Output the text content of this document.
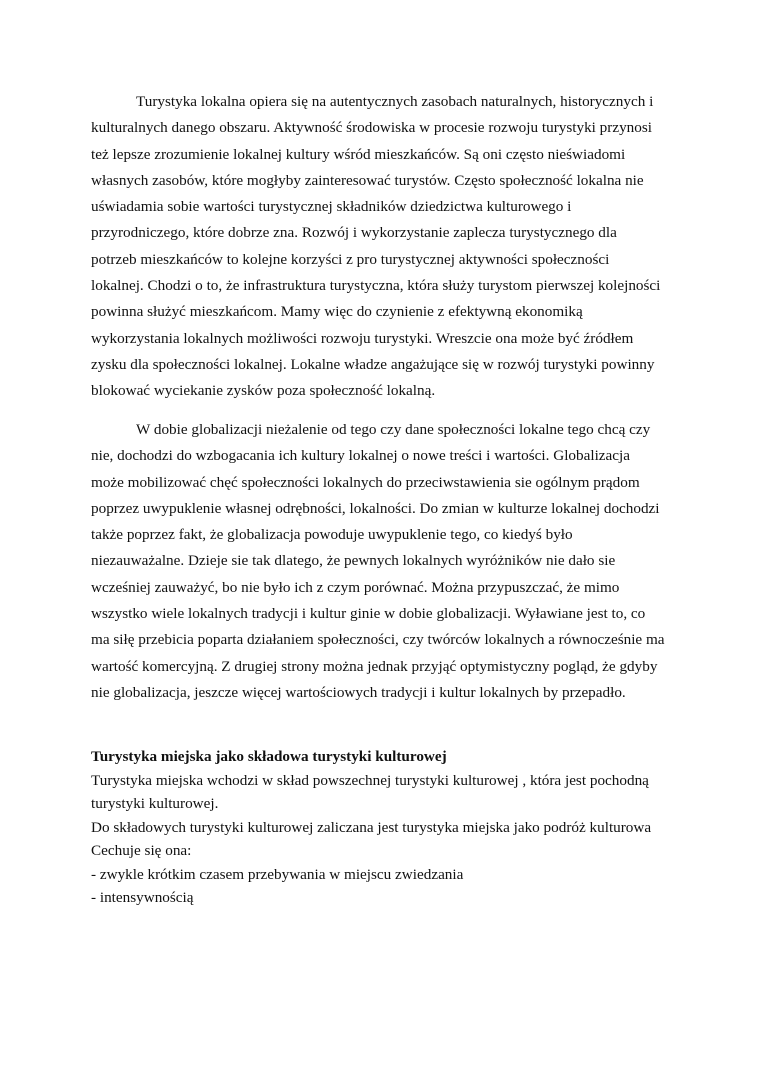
Turystyka lokalna opiera się na autentycznych zasobach naturalnych, historycznych i
kulturalnych danego obszaru. Aktywność środowiska w procesie rozwoju turystyki przynosi
też lepsze zrozumienie lokalnej kultury wśród mieszkańców. Są oni często nieświadomi
własnych zasobów, które mogłyby zainteresować turystów. Często społeczność lokalna nie
uświadamia sobie wartości turystycznej składników dziedzictwa kulturowego i
przyrodniczego, które dobrze zna. Rozwój i wykorzystanie zaplecza turystycznego dla
potrzeb mieszkańców to kolejne korzyści z pro turystycznej aktywności społeczności
lokalnej. Chodzi o to, że infrastruktura turystyczna, która służy turystom pierwszej kolejności
powinna służyć mieszkańcom. Mamy więc do czynienie z efektywną ekonomiką
wykorzystania lokalnych możliwości rozwoju turystyki. Wreszcie ona może być źródłem
zysku dla społeczności lokalnej. Lokalne władze angażujące się w rozwój turystyki powinny
blokować wyciekanie zysków poza społeczność lokalną.
W dobie globalizacji nieżalenie od tego czy dane społeczności lokalne tego chcą czy
nie, dochodzi do wzbogacania ich kultury lokalnej o nowe treści i wartości. Globalizacja
może mobilizować chęć społeczności lokalnych do przeciwstawienia sie ogólnym prądom
poprzez uwypuklenie własnej odrębności, lokalności. Do zmian w kulturze lokalnej dochodzi
także poprzez fakt, że globalizacja powoduje uwypuklenie tego, co kiedyś było
niezauważalne. Dzieje sie tak dlatego, że pewnych lokalnych wyróżników nie dało sie
wcześniej zauważyć, bo nie było ich z czym porównać. Można przypuszczać, że mimo
wszystko wiele lokalnych tradycji i kultur ginie w dobie globalizacji. Wyławiane jest to, co
ma siłę przebicia poparta działaniem społeczności, czy twórców lokalnych a równocześnie ma
wartość komercyjną. Z drugiej strony można jednak przyjąć optymistyczny pogląd, że gdyby
nie globalizacja, jeszcze więcej wartościowych tradycji i kultur lokalnych by przepadło.
Turystyka miejska jako składowa turystyki kulturowej
Turystyka miejska wchodzi w skład powszechnej turystyki kulturowej , która jest pochodną
turystyki kulturowej.
Do składowych turystyki kulturowej zaliczana jest turystyka miejska jako podróż kulturowa
Cechuje się ona:
- zwykle krótkim czasem przebywania w miejscu zwiedzania
- intensywnością
